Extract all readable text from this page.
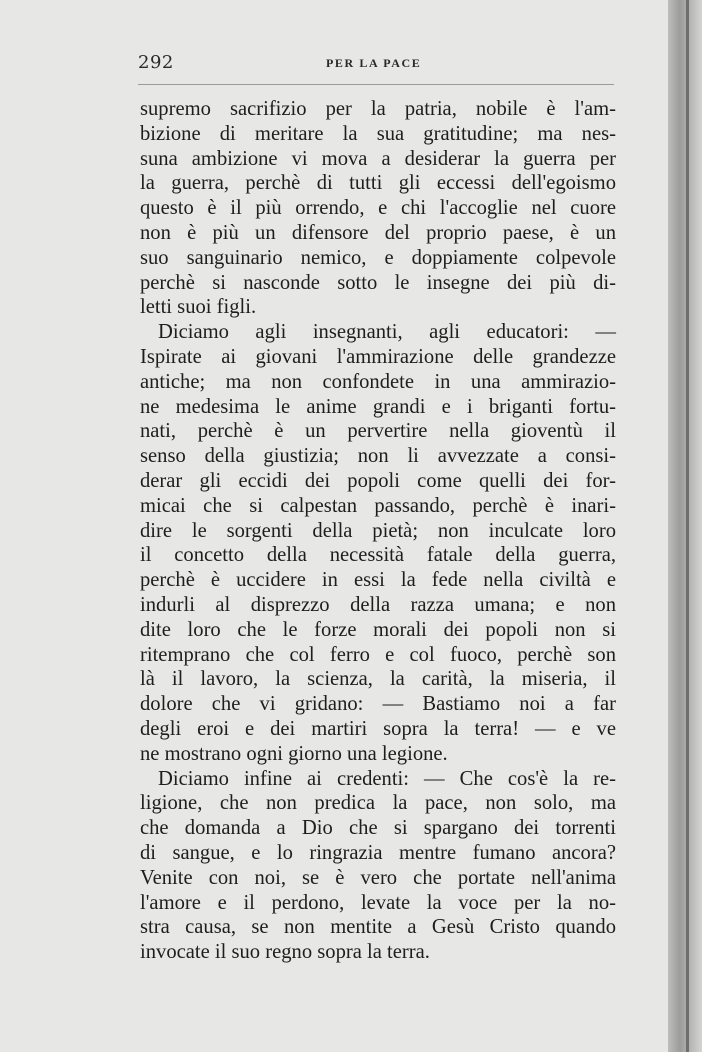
292	PER LA PACE
supremo sacrifizio per la patria, nobile è l'am-
bizione di meritare la sua gratitudine; ma nes-
suna ambizione vi mova a desiderar la guerra per
la guerra, perchè di tutti gli eccessi dell'egoismo
questo è il più orrendo, e chi l'accoglie nel cuore
non è più un difensore del proprio paese, è un
suo sanguinario nemico, e doppiamente colpevole
perchè si nasconde sotto le insegne dei più di-
letti suoi figli.
Diciamo agli insegnanti, agli educatori: —
Ispirate ai giovani l'ammirazione delle grandezze
antiche; ma non confondete in una ammirazio-
ne medesima le anime grandi e i briganti fortu-
nati, perchè è un pervertire nella gioventù il
senso della giustizia; non li avvezzate a consi-
derar gli eccidi dei popoli come quelli dei for-
micai che si calpestan passando, perchè è inari-
dire le sorgenti della pietà; non inculcate loro
il concetto della necessità fatale della guerra,
perchè è uccidere in essi la fede nella civiltà e
indurli al disprezzo della razza umana; e non
dite loro che le forze morali dei popoli non si
ritemprano che col ferro e col fuoco, perchè son
là il lavoro, la scienza, la carità, la miseria, il
dolore che vi gridano: — Bastiamo noi a far
degli eroi e dei martiri sopra la terra! — e ve
ne mostrano ogni giorno una legione.
Diciamo infine ai credenti: — Che cos'è la re-
ligione, che non predica la pace, non solo, ma
che domanda a Dio che si spargano dei torrenti
di sangue, e lo ringrazia mentre fumano ancora?
Venite con noi, se è vero che portate nell'anima
l'amore e il perdono, levate la voce per la no-
stra causa, se non mentite a Gesù Cristo quando
invocate il suo regno sopra la terra.
